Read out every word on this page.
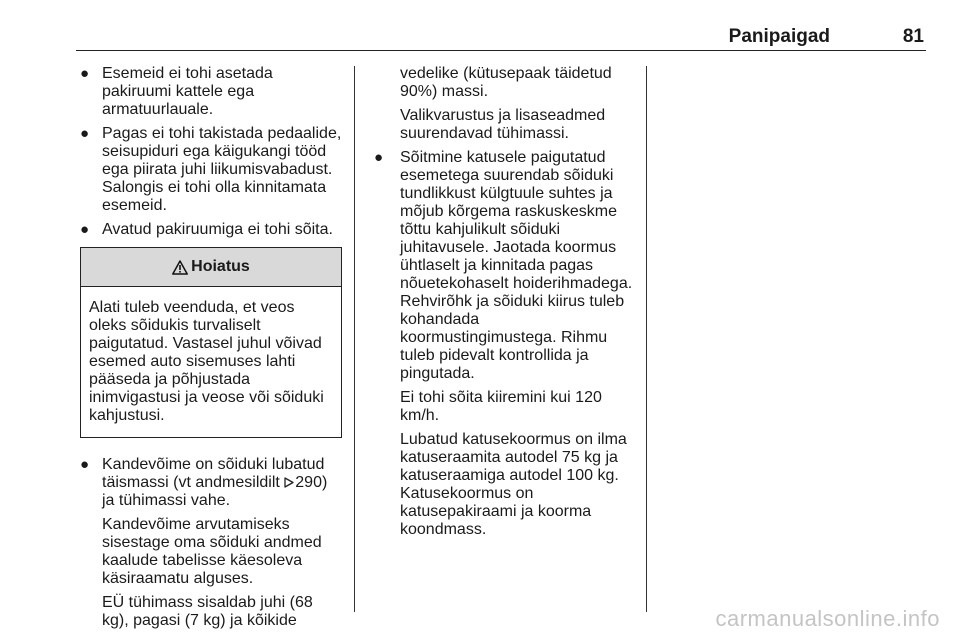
Panipaigad	81
● Esemeid ei tohi asetada pakiruumi kattele ega armatuurlauale.

● Pagas ei tohi takistada pedaalide, seisupiduri ega käigukangi tööd ega piirata juhi liikumisvabadust. Salongis ei tohi olla kinnitamata esemeid.

● Avatud pakiruumiga ei tohi sõita.

Hoiatus
Alati tuleb veenduda, et veos oleks sõidukis turvaliselt paigutatud. Vastasel juhul võivad esemed auto sisemuses lahti pääseda ja põhjustada inimvigastusi ja veose või sõiduki kahjustusi.
● Kandevõime on sõiduki lubatud täismassi (vt andmesildilt 290) ja tühimassi vahe.

Kandevõime arvutamiseks sisestage oma sõiduki andmed kaalude tabelisse käesoleva käsiraamatu alguses.

EÜ tühimass sisaldab juhi (68 kg), pagasi (7 kg) ja kõikide

vedelike (kütusepaak täidetud 90%) massi.

Valikvarustus ja lisaseadmed suurendavad tühimassi.

● Sõitmine katusele paigutatud esemetega suurendab sõiduki tundlikkust külgtuule suhtes ja mõjub kõrgema raskuskeskme tõttu kahjulikult sõiduki juhitavusele. Jaotada koormus ühtlaselt ja kinnitada pagas nõuetekohaselt hoiderihmadega. Rehvirõhk ja sõiduki kiirus tuleb kohandada koormustingimustega. Rihmu tuleb pidevalt kontrollida ja pingutada.

Ei tohi sõita kiiremini kui 120 km/h.

Lubatud katusekoormus on ilma katuseraamita autodel 75 kg ja katuseraamiga autodel 100 kg. Katusekoormus on katusepakiraami ja koorma koondmass.

carmanualsonline.info
